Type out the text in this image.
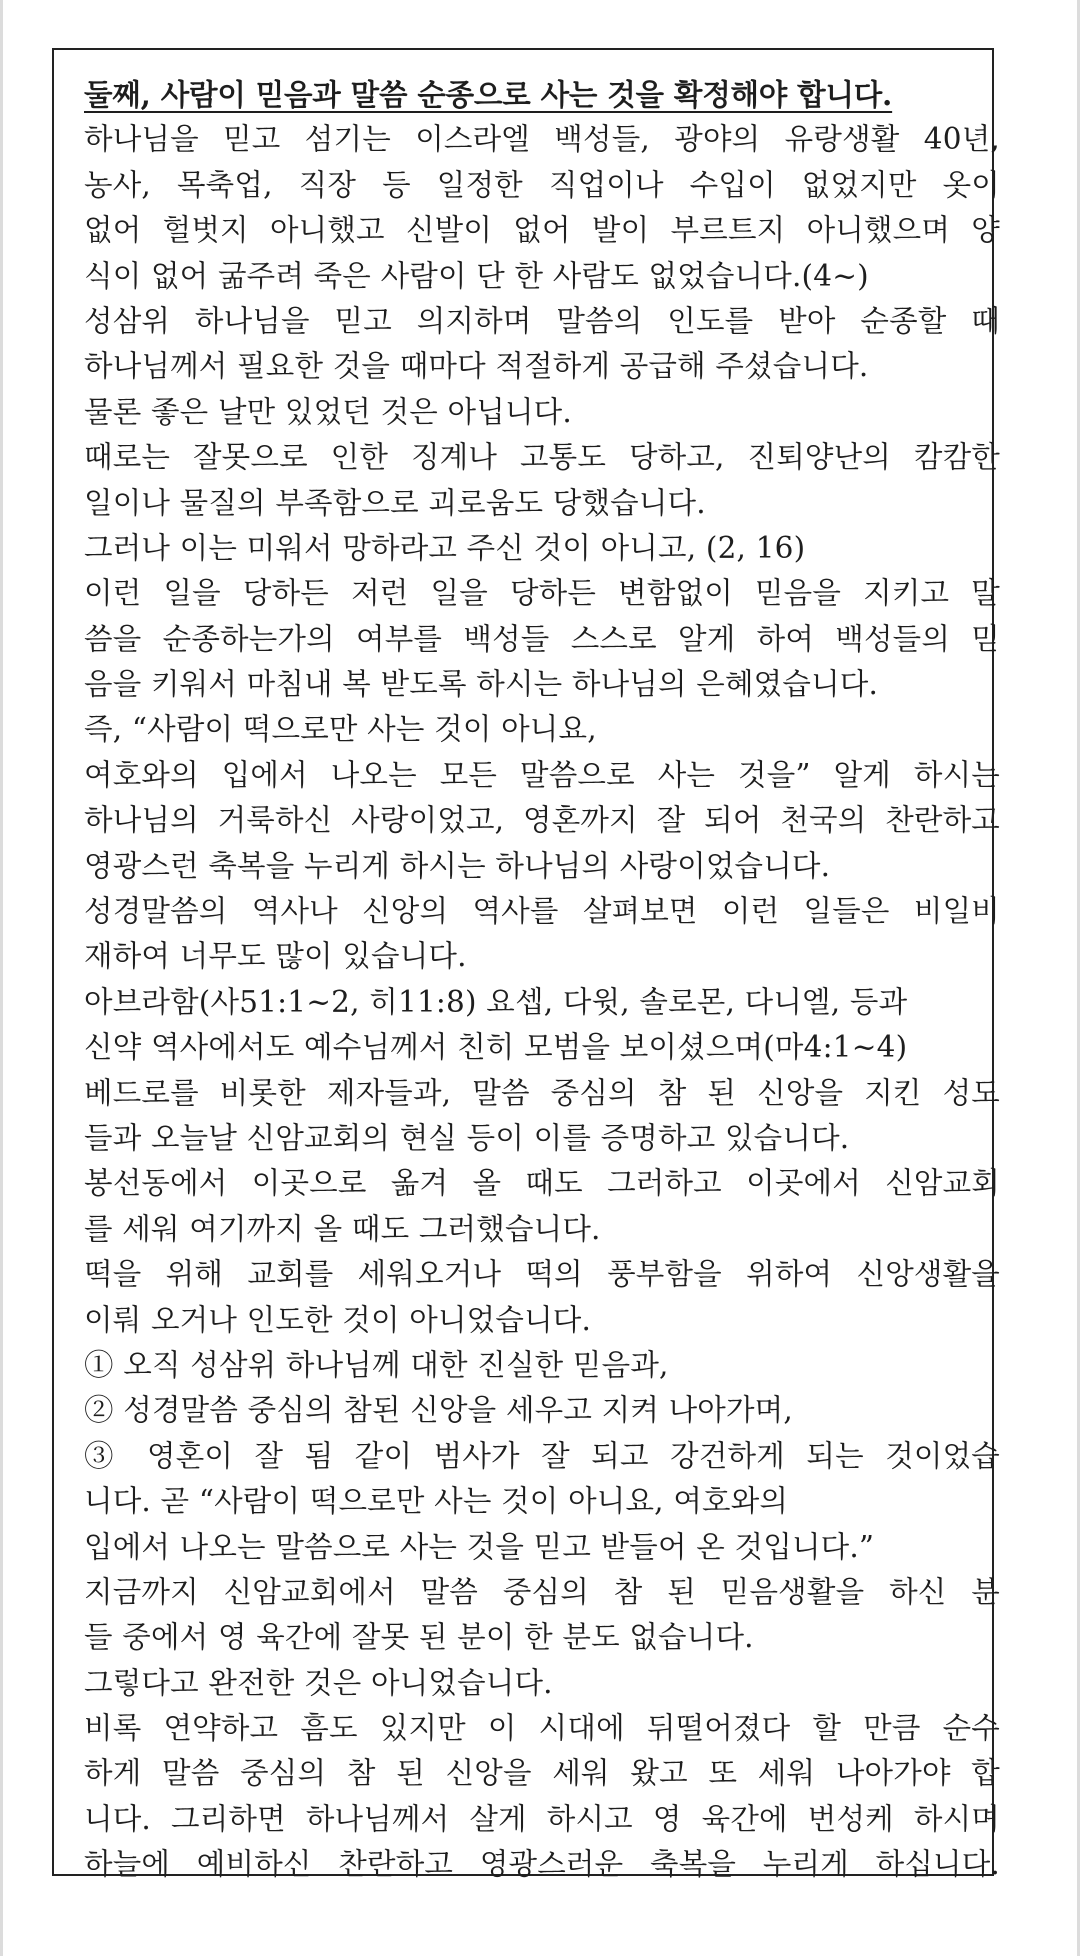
둘째, 사람이 믿음과 말씀 순종으로 사는 것을 확정해야 합니다.
하나님을 믿고 섬기는 이스라엘 백성들, 광야의 유랑생활 40년,
농사, 목축업, 직장 등 일정한 직업이나 수입이 없었지만 옷이
없어 헐벗지 아니했고 신발이 없어 발이 부르트지 아니했으며 양
식이 없어 굶주려 죽은 사람이 단 한 사람도 없었습니다.(4~)
성삼위 하나님을 믿고 의지하며 말씀의 인도를 받아 순종할 때
하나님께서 필요한 것을 때마다 적절하게 공급해 주셨습니다.
물론 좋은 날만 있었던 것은 아닙니다.
때로는 잘못으로 인한 징계나 고통도 당하고, 진퇴양난의 캄캄한
일이나 물질의 부족함으로 괴로움도 당했습니다.
그러나 이는 미워서 망하라고 주신 것이 아니고, (2, 16)
이런 일을 당하든 저런 일을 당하든 변함없이 믿음을 지키고 말
씀을 순종하는가의 여부를 백성들 스스로 알게 하여 백성들의 믿
음을 키워서 마침내 복 받도록 하시는 하나님의 은혜였습니다.
즉, “사람이 떡으로만 사는 것이 아니요,
여호와의 입에서 나오는 모든 말씀으로 사는 것을” 알게 하시는
하나님의 거룩하신 사랑이었고, 영혼까지 잘 되어 천국의 찬란하고
영광스런 축복을 누리게 하시는 하나님의 사랑이었습니다.
성경말씀의 역사나 신앙의 역사를 살펴보면 이런 일들은 비일비
재하여 너무도 많이 있습니다.
아브라함(사51:1~2, 히11:8) 요셉, 다윗, 솔로몬, 다니엘, 등과
신약 역사에서도 예수님께서 친히 모범을 보이셨으며(마4:1~4)
베드로를 비롯한 제자들과, 말씀 중심의 참 된 신앙을 지킨 성도
들과 오늘날 신암교회의 현실 등이 이를 증명하고 있습니다.
봉선동에서 이곳으로 옮겨 올 때도 그러하고 이곳에서 신암교회
를 세워 여기까지 올 때도 그러했습니다.
떡을 위해 교회를 세워오거나 떡의 풍부함을 위하여 신앙생활을
이뤄 오거나 인도한 것이 아니었습니다.
① 오직 성삼위 하나님께 대한 진실한 믿음과,
② 성경말씀 중심의 참된 신앙을 세우고 지켜 나아가며,
③ 영혼이 잘 됨 같이 범사가 잘 되고 강건하게 되는 것이었습
니다. 곧 “사람이 떡으로만 사는 것이 아니요, 여호와의
입에서 나오는 말씀으로 사는 것을 믿고 받들어 온 것입니다.”
지금까지 신암교회에서 말씀 중심의 참 된 믿음생활을 하신 분
들 중에서 영 육간에 잘못 된 분이 한 분도 없습니다.
그렇다고 완전한 것은 아니었습니다.
비록 연약하고 흠도 있지만 이 시대에 뒤떨어졌다 할 만큼 순수
하게 말씀 중심의 참 된 신앙을 세워 왔고 또 세워 나아가야 합
니다. 그리하면 하나님께서 살게 하시고 영 육간에 번성케 하시며
하늘에 예비하신 찬란하고 영광스러운 축복을 누리게 하십니다.
